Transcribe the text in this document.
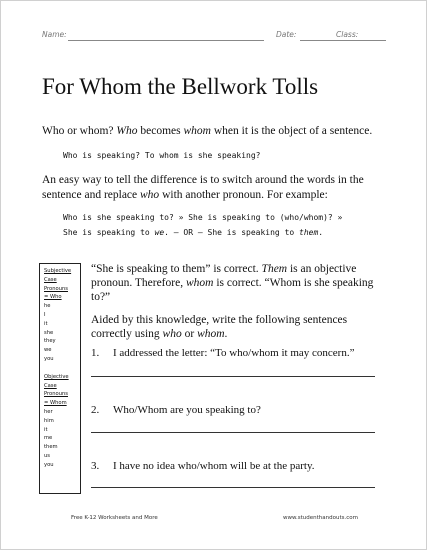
Name:	Date:	Class:
For Whom the Bellwork Tolls

Who or whom? Who becomes whom when it is the object of a sentence.

Who is speaking? To whom is she speaking?

An easy way to tell the difference is to switch around the words in the sentence and replace who with another pronoun. For example:

Who is she speaking to? » She is speaking to (who/whom)? »
She is speaking to we. – OR – She is speaking to them.

Subjective
Case
Pronouns
= Who
he
I
it
she
they
we
you
Objective
Case
Pronouns
= Whom
her
him
it
me
them
us
you

“She is speaking to them” is correct. Them is an objective pronoun. Therefore, whom is correct. “Whom is she speaking to?”

Aided by this knowledge, write the following sentences correctly using who or whom.

1. I addressed the letter: “To who/whom it may concern.”
2. Who/Whom are you speaking to?
3. I have no idea who/whom will be at the party.
Free K-12 Worksheets and More	www.studenthandouts.com
